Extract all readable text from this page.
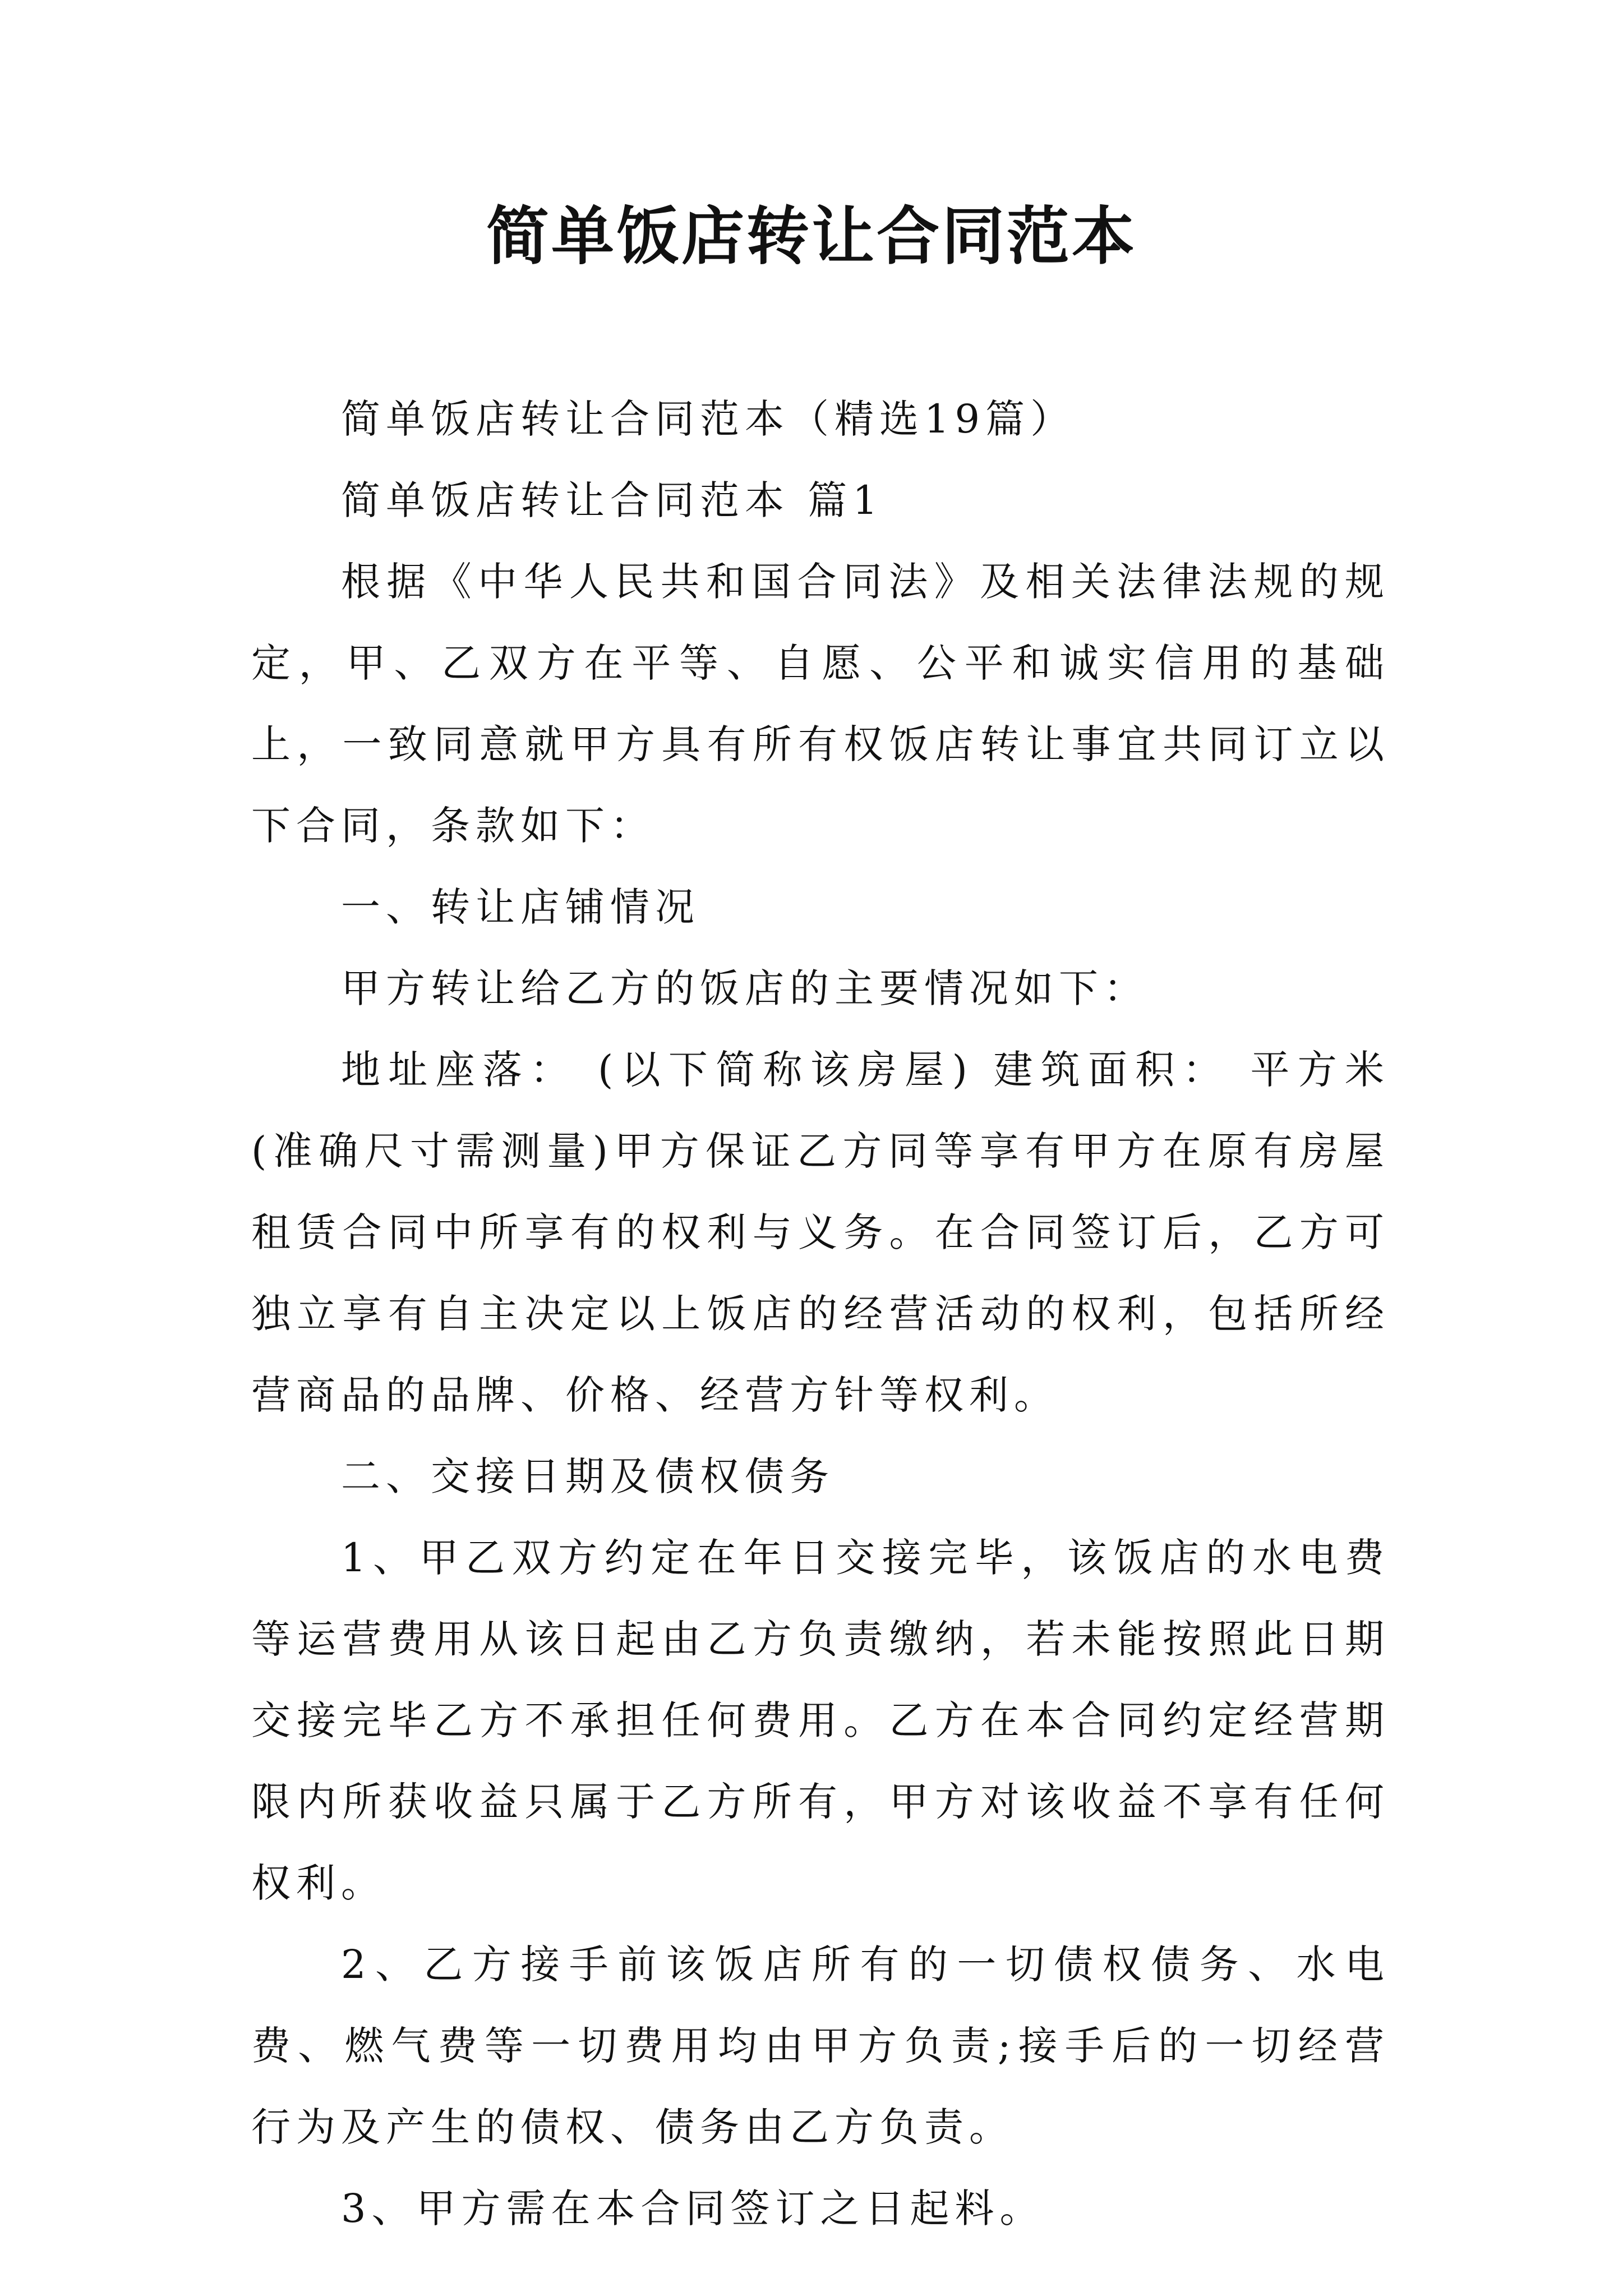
简单饭店转让合同范本

简单饭店转让合同范本（精选19篇）

简单饭店转让合同范本 篇1

根据《中华人民共和国合同法》及相关法律法规的规定，甲、乙双方在平等、自愿、公平和诚实信用的基础上，一致同意就甲方具有所有权饭店转让事宜共同订立以下合同，条款如下：

一、转让店铺情况

甲方转让给乙方的饭店的主要情况如下：

地址座落： (以下简称该房屋) 建筑面积： 平方米(准确尺寸需测量)甲方保证乙方同等享有甲方在原有房屋租赁合同中所享有的权利与义务。在合同签订后，乙方可独立享有自主决定以上饭店的经营活动的权利，包括所经营商品的品牌、价格、经营方针等权利。

二、交接日期及债权债务

1、甲乙双方约定在年日交接完毕，该饭店的水电费等运营费用从该日起由乙方负责缴纳，若未能按照此日期交接完毕乙方不承担任何费用。乙方在本合同约定经营期限内所获收益只属于乙方所有，甲方对该收益不享有任何权利。

2、乙方接手前该饭店所有的一切债权债务、水电费、燃气费等一切费用均由甲方负责;接手后的一切经营行为及产生的债权、债务由乙方负责。

3、甲方需在本合同签订之日起料。
